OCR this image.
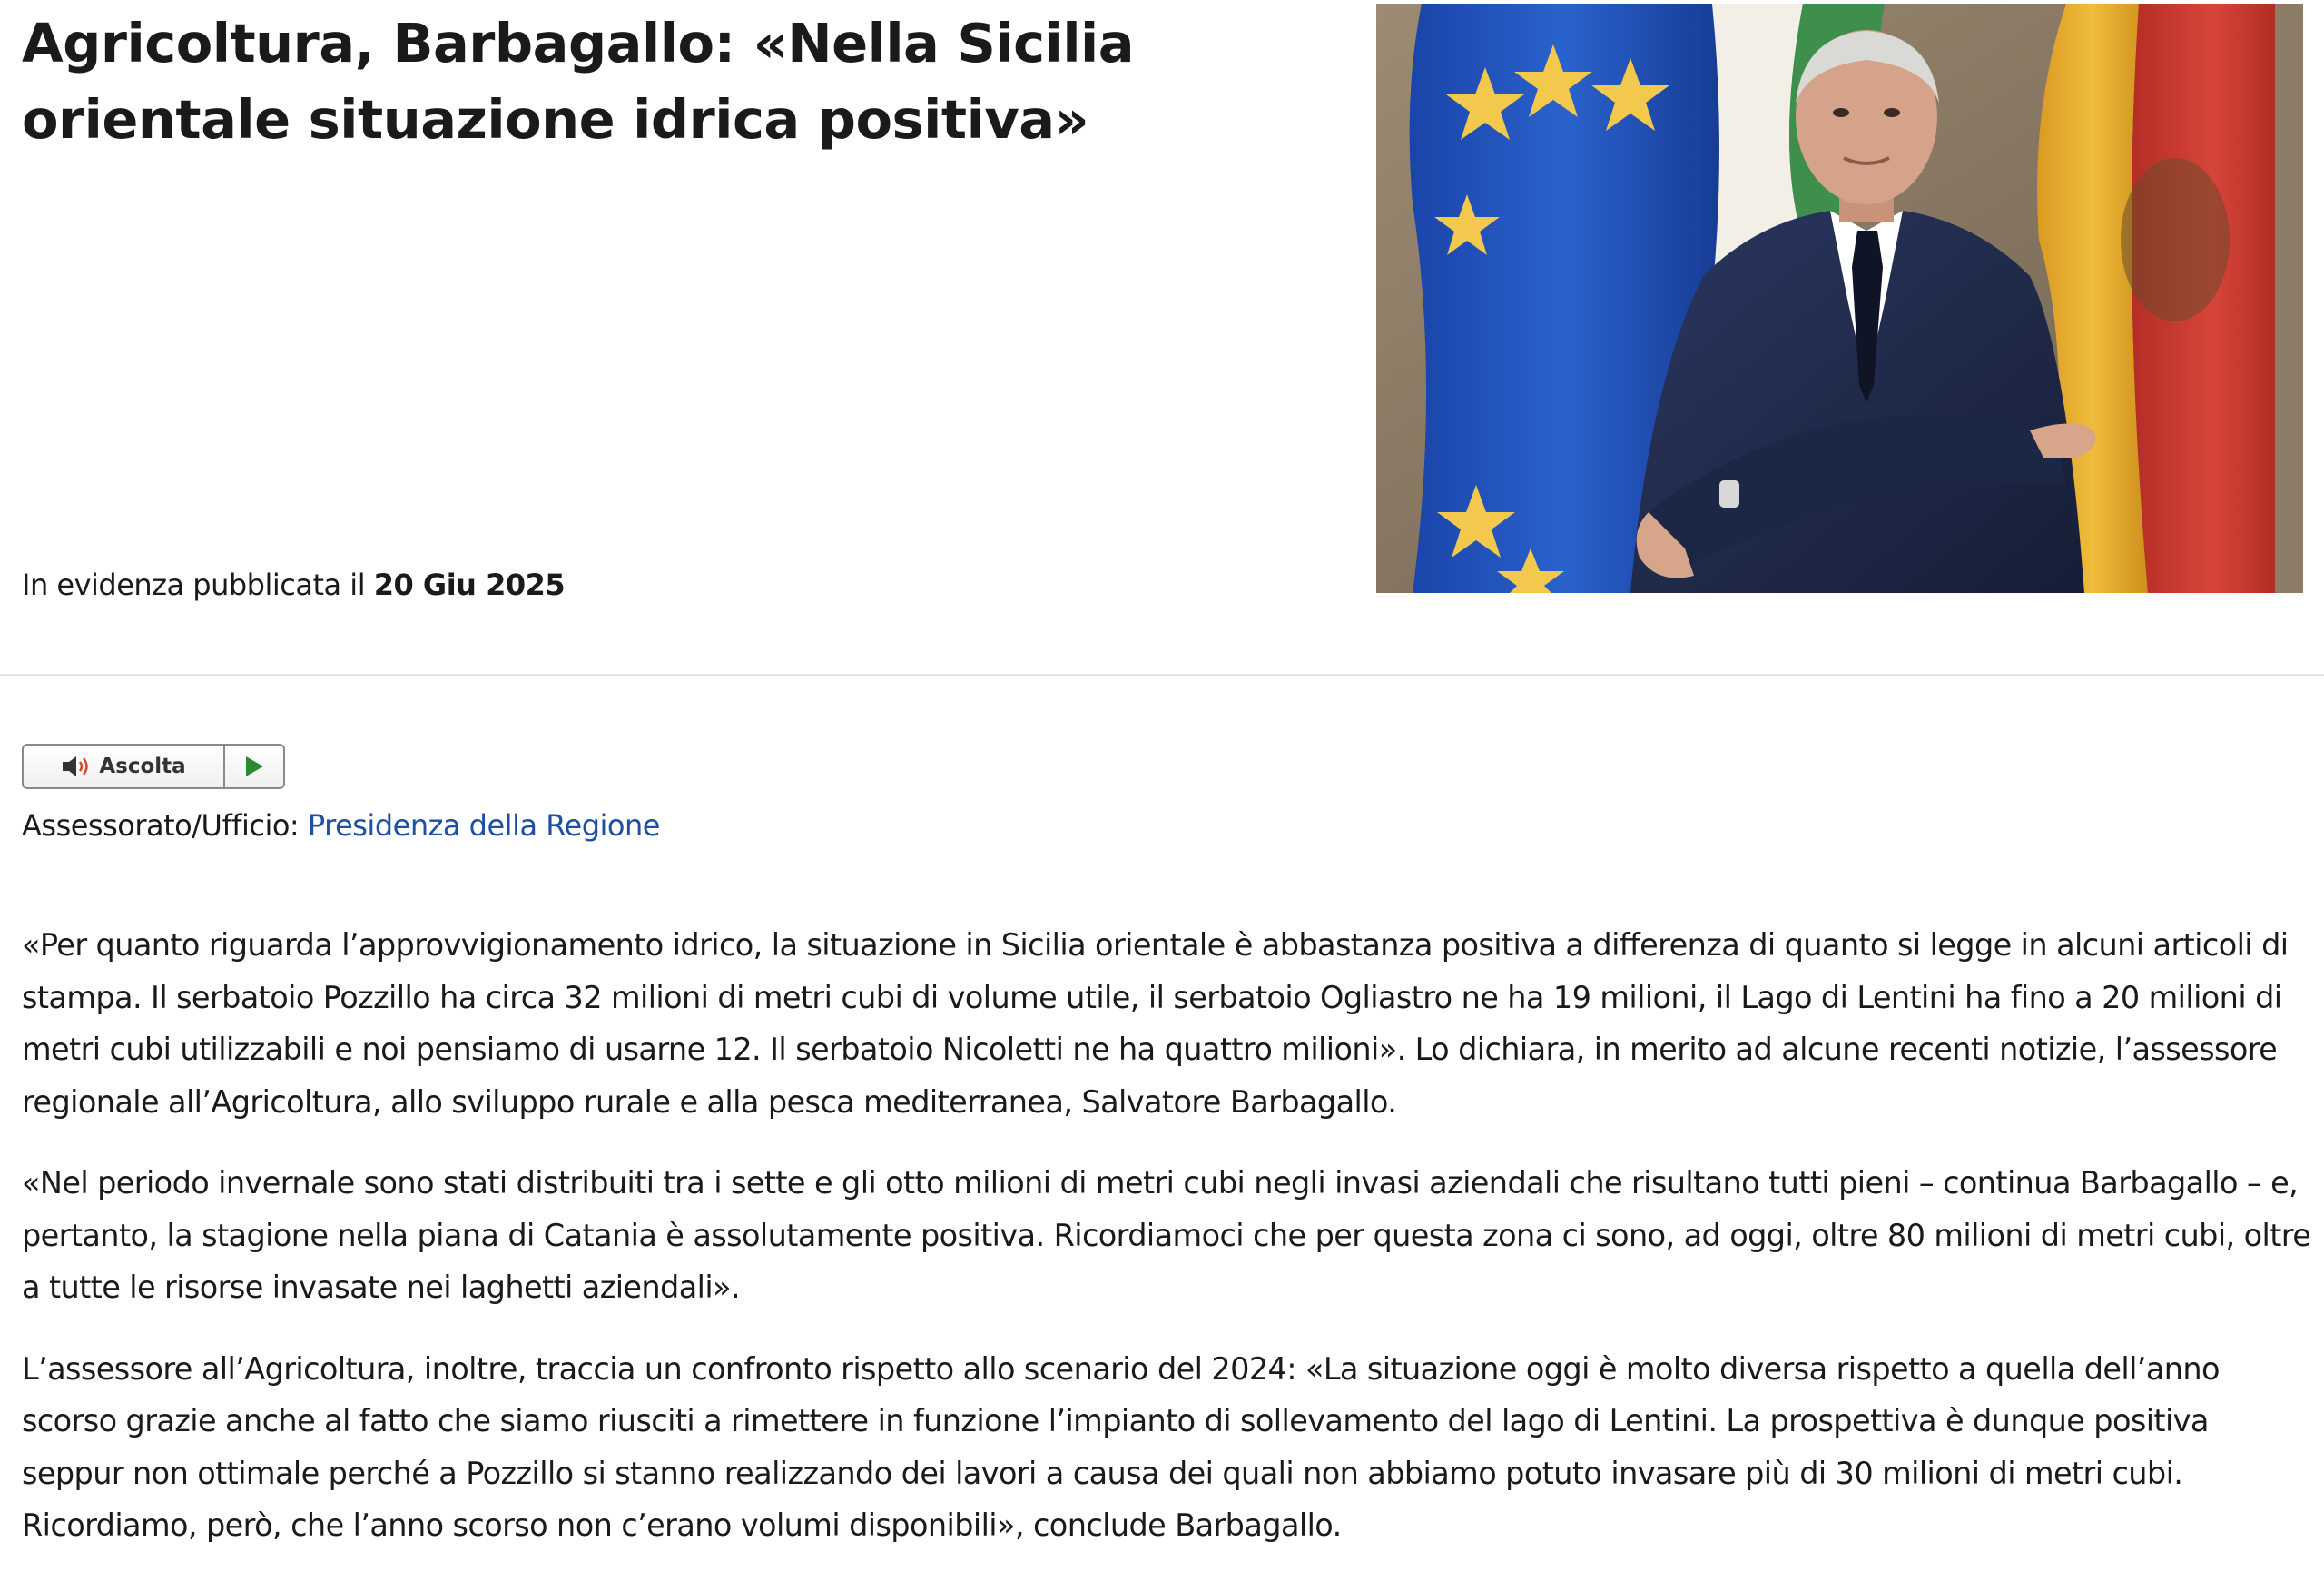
Agricoltura, Barbagallo: «Nella Sicilia orientale situazione idrica positiva»
In evidenza pubblicata il 20 Giu 2025
Ascolta
Assessorato/Ufficio: Presidenza della Regione

«Per quanto riguarda l’approvvigionamento idrico, la situazione in Sicilia orientale è abbastanza positiva a differenza di quanto si legge in alcuni articoli di stampa. Il serbatoio Pozzillo ha circa 32 milioni di metri cubi di volume utile, il serbatoio Ogliastro ne ha 19 milioni, il Lago di Lentini ha fino a 20 milioni di metri cubi utilizzabili e noi pensiamo di usarne 12. Il serbatoio Nicoletti ne ha quattro milioni». Lo dichiara, in merito ad alcune recenti notizie, l’assessore regionale all’Agricoltura, allo sviluppo rurale e alla pesca mediterranea, Salvatore Barbagallo.

«Nel periodo invernale sono stati distribuiti tra i sette e gli otto milioni di metri cubi negli invasi aziendali che risultano tutti pieni – continua Barbagallo – e, pertanto, la stagione nella piana di Catania è assolutamente positiva. Ricordiamoci che per questa zona ci sono, ad oggi, oltre 80 milioni di metri cubi, oltre a tutte le risorse invasate nei laghetti aziendali».

L’assessore all’Agricoltura, inoltre, traccia un confronto rispetto allo scenario del 2024: «La situazione oggi è molto diversa rispetto a quella dell’anno scorso grazie anche al fatto che siamo riusciti a rimettere in funzione l’impianto di sollevamento del lago di Lentini. La prospettiva è dunque positiva seppur non ottimale perché a Pozzillo si stanno realizzando dei lavori a causa dei quali non abbiamo potuto invasare più di 30 milioni di metri cubi. Ricordiamo, però, che l’anno scorso non c’erano volumi disponibili», conclude Barbagallo.
